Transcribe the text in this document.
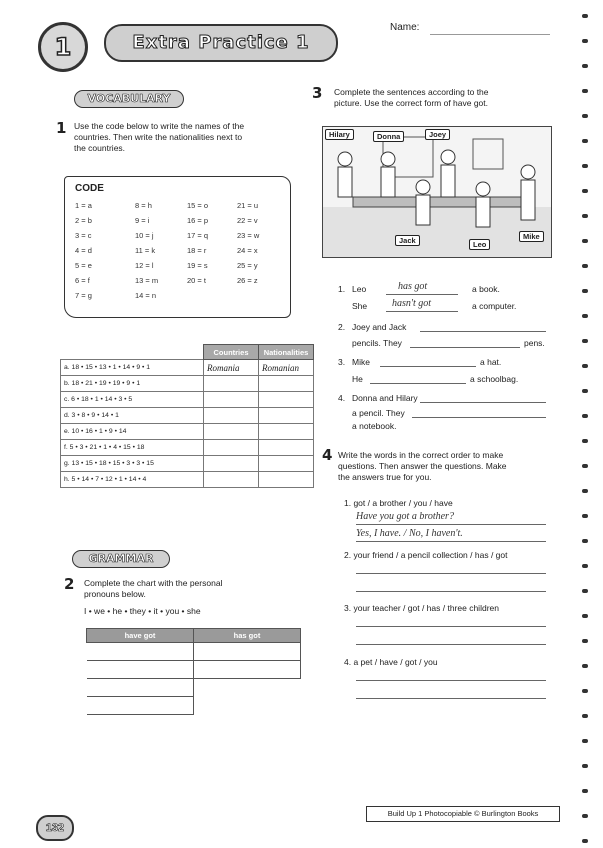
1	Extra Practice 1
Name:
VOCABULARY
1 Use the code below to write the names of the
countries. Then write the nationalities next to
the countries.
CODE
1 = a	8 = h	15 = o	21 = u
2 = b	9 = i	16 = p	22 = v
3 = c	10 = j	17 = q	23 = w
4 = d	11 = k	18 = r	24 = x
5 = e	12 = l	19 = s	25 = y
6 = f	13 = m	20 = t	26 = z
7 = g	14 = n
	Countries	Nationalities
a. 18 • 15 • 13 • 1 • 14 • 9 • 1	Romania	Romanian
b. 18 • 21 • 19 • 19 • 9 • 1		
c. 6 • 18 • 1 • 14 • 3 • 5		
d. 3 • 8 • 9 • 14 • 1		
e. 10 • 16 • 1 • 9 • 14		
f. 5 • 3 • 21 • 1 • 4 • 15 • 18		
g. 13 • 15 • 18 • 15 • 3 • 3 • 15		
h. 5 • 14 • 7 • 12 • 1 • 14 • 4		
GRAMMAR
2 Complete the chart with the personal
pronouns below.
I • we • he • they • it • you • she
have got	has got

3 Complete the sentences according to the
picture. Use the correct form of have got.
Hilary	Donna	Joey
Jack	Leo
Mike
1. Leo	has got	a book.
She hasn't got	a computer.
2. Joey and Jack
pencils. They	pens.
3. Mike	a hat.
He	a schoolbag.
4. Donna and Hilary
a pencil. They
a notebook.
4 Write the words in the correct order to make
questions. Then answer the questions. Make
the answers true for you.
1. got / a brother / you / have
Have you got a brother?
Yes, I have. / No, I haven't.
2. your friend / a pencil collection / has / got
3. your teacher / got / has / three children
4. a pet / have / got / you
Build Up 1 Photocopiable © Burlington Books
132
